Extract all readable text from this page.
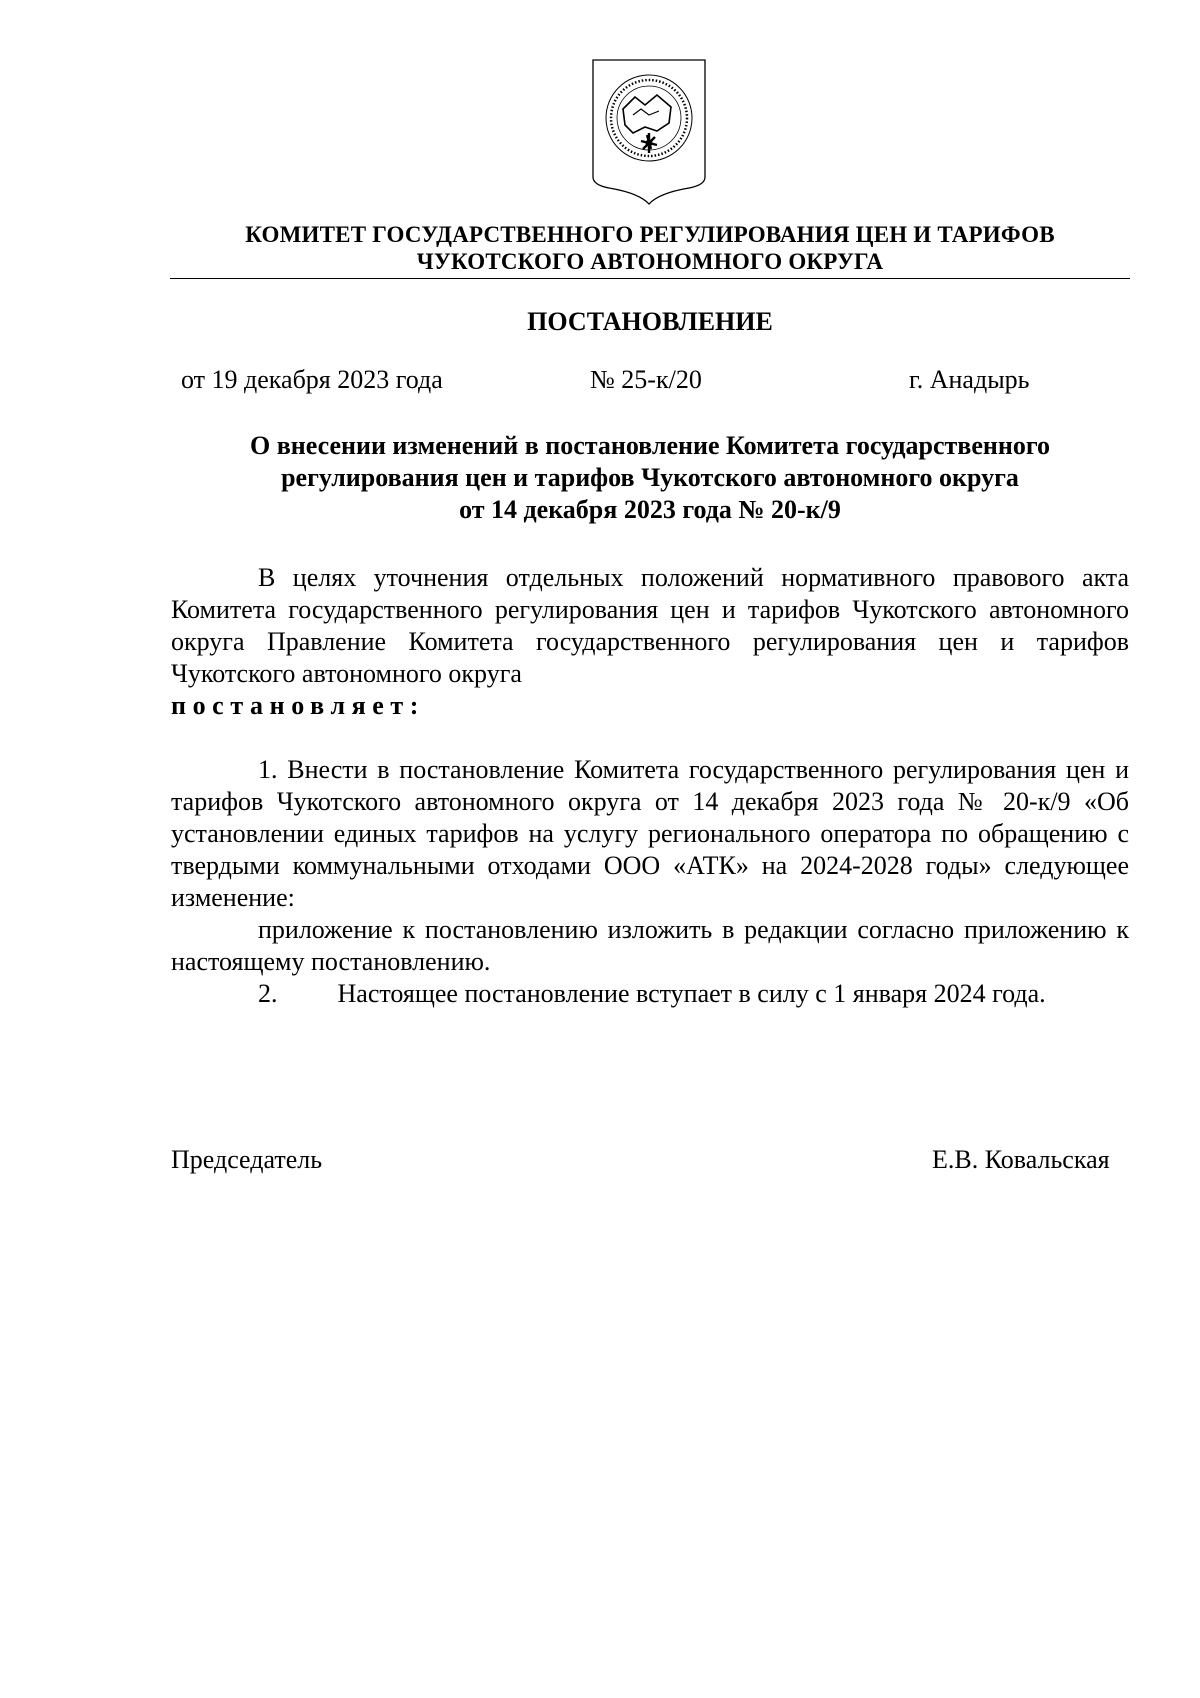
КОМИТЕТ ГОСУДАРСТВЕННОГО РЕГУЛИРОВАНИЯ ЦЕН И ТАРИФОВ
ЧУКОТСКОГО АВТОНОМНОГО ОКРУГА
ПОСТАНОВЛЕНИЕ
от 19 декабря 2023 года	№ 25-к/20	г. Анадырь
О внесении изменений в постановление Комитета государственного
регулирования цен и тарифов Чукотского автономного округа
от 14 декабря 2023 года № 20-к/9
В целях уточнения отдельных положений нормативного правового акта Комитета государственного регулирования цен и тарифов Чукотского автономного округа Правление Комитета государственного регулирования цен и тарифов Чукотского автономного округа
постановляет:
1. Внести в постановление Комитета государственного регулирования цен и тарифов Чукотского автономного округа от 14 декабря 2023 года № 20-к/9 «Об установлении единых тарифов на услугу регионального оператора по обращению с твердыми коммунальными отходами ООО «АТК» на 2024-2028 годы» следующее изменение:
приложение к постановлению изложить в редакции согласно приложению к настоящему постановлению.
2. Настоящее постановление вступает в силу с 1 января 2024 года.
Председатель	Е.В. Ковальская
